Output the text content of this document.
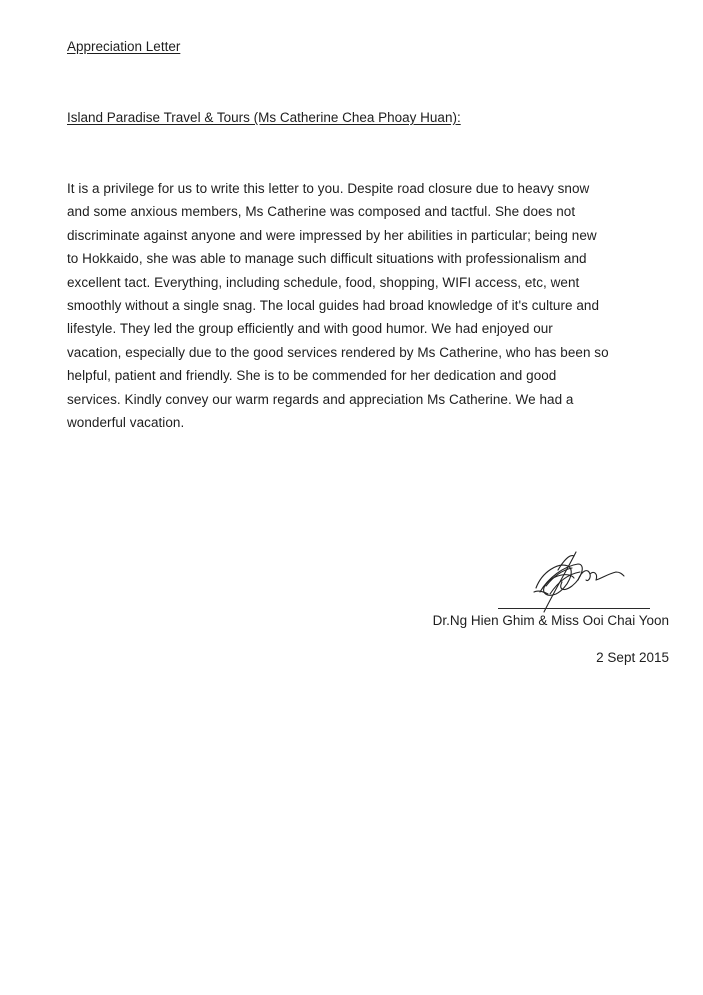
Appreciation Letter
Island Paradise Travel & Tours (Ms Catherine Chea Phoay Huan):
It is a privilege for us to write this letter to you. Despite road closure due to heavy snow
and some anxious members, Ms Catherine was composed and tactful. She does not
discriminate against anyone and were impressed by her abilities in particular; being new
to Hokkaido, she was able to manage such difficult situations with professionalism and
excellent tact. Everything, including schedule, food, shopping, WIFI access, etc, went
smoothly without a single snag. The local guides had broad knowledge of it's culture and
lifestyle. They led the group efficiently and with good humor. We had enjoyed our
vacation, especially due to the good services rendered by Ms Catherine, who has been so
helpful, patient and friendly. She is to be commended for her dedication and good
services. Kindly convey our warm regards and appreciation Ms Catherine. We had a
wonderful vacation.
Dr.Ng Hien Ghim & Miss Ooi Chai Yoon
2 Sept 2015
